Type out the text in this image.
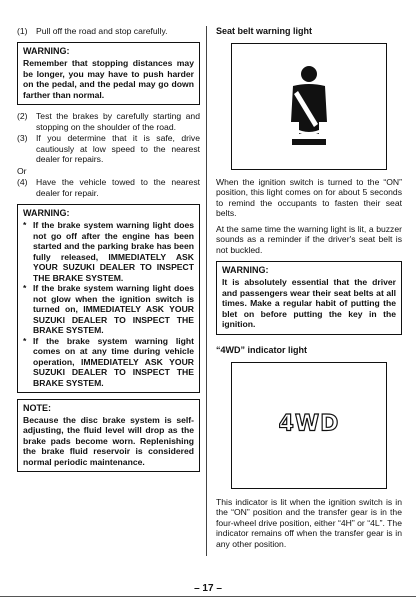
(1) Pull off the road and stop carefully.
WARNING:

Remember that stopping distances may be longer, you may have to push harder on the pedal, and the pedal may go down farther than normal.

(2) Test the brakes by carefully starting and stopping on the shoulder of the road.
(3) If you determine that it is safe, drive cautiously at low speed to the nearest dealer for repairs.
Or
(4) Have the vehicle towed to the nearest dealer for repair.
WARNING:
* If the brake system warning light does not go off after the engine has been started and the parking brake has been fully released, IMMEDIATELY ASK YOUR SUZUKI DEALER TO INSPECT THE BRAKE SYSTEM.
* If the brake system warning light does not glow when the ignition switch is turned on, IMMEDIATELY ASK YOUR SUZUKI DEALER TO INSPECT THE BRAKE SYSTEM.
* If the brake system warning light comes on at any time during vehicle operation, IMMEDIATELY ASK YOUR SUZUKI DEALER TO INSPECT THE BRAKE SYSTEM.
NOTE:

Because the disc brake system is self-adjusting, the fluid level will drop as the brake pads become worn. Replenishing the brake fluid reservoir is considered normal periodic maintenance.

Seat belt warning light

When the ignition switch is turned to the “ON” position, this light comes on for about 5 seconds to remind the occupants to fasten their seat belts.

At the same time the warning light is lit, a buzzer sounds as a reminder if the driver's seat belt is not buckled.

WARNING:

It is absolutely essential that the driver and passengers wear their seat belts at all times. Make a regular habit of putting the blet on before putting the key in the ignition.

“4WD” indicator light
4WD

This indicator is lit when the ignition switch is in the “ON” position and the transfer gear is in the four-wheel drive position, either “4H” or “4L”. The indicator remains off when the transfer gear is in any other position.

– 17 –
